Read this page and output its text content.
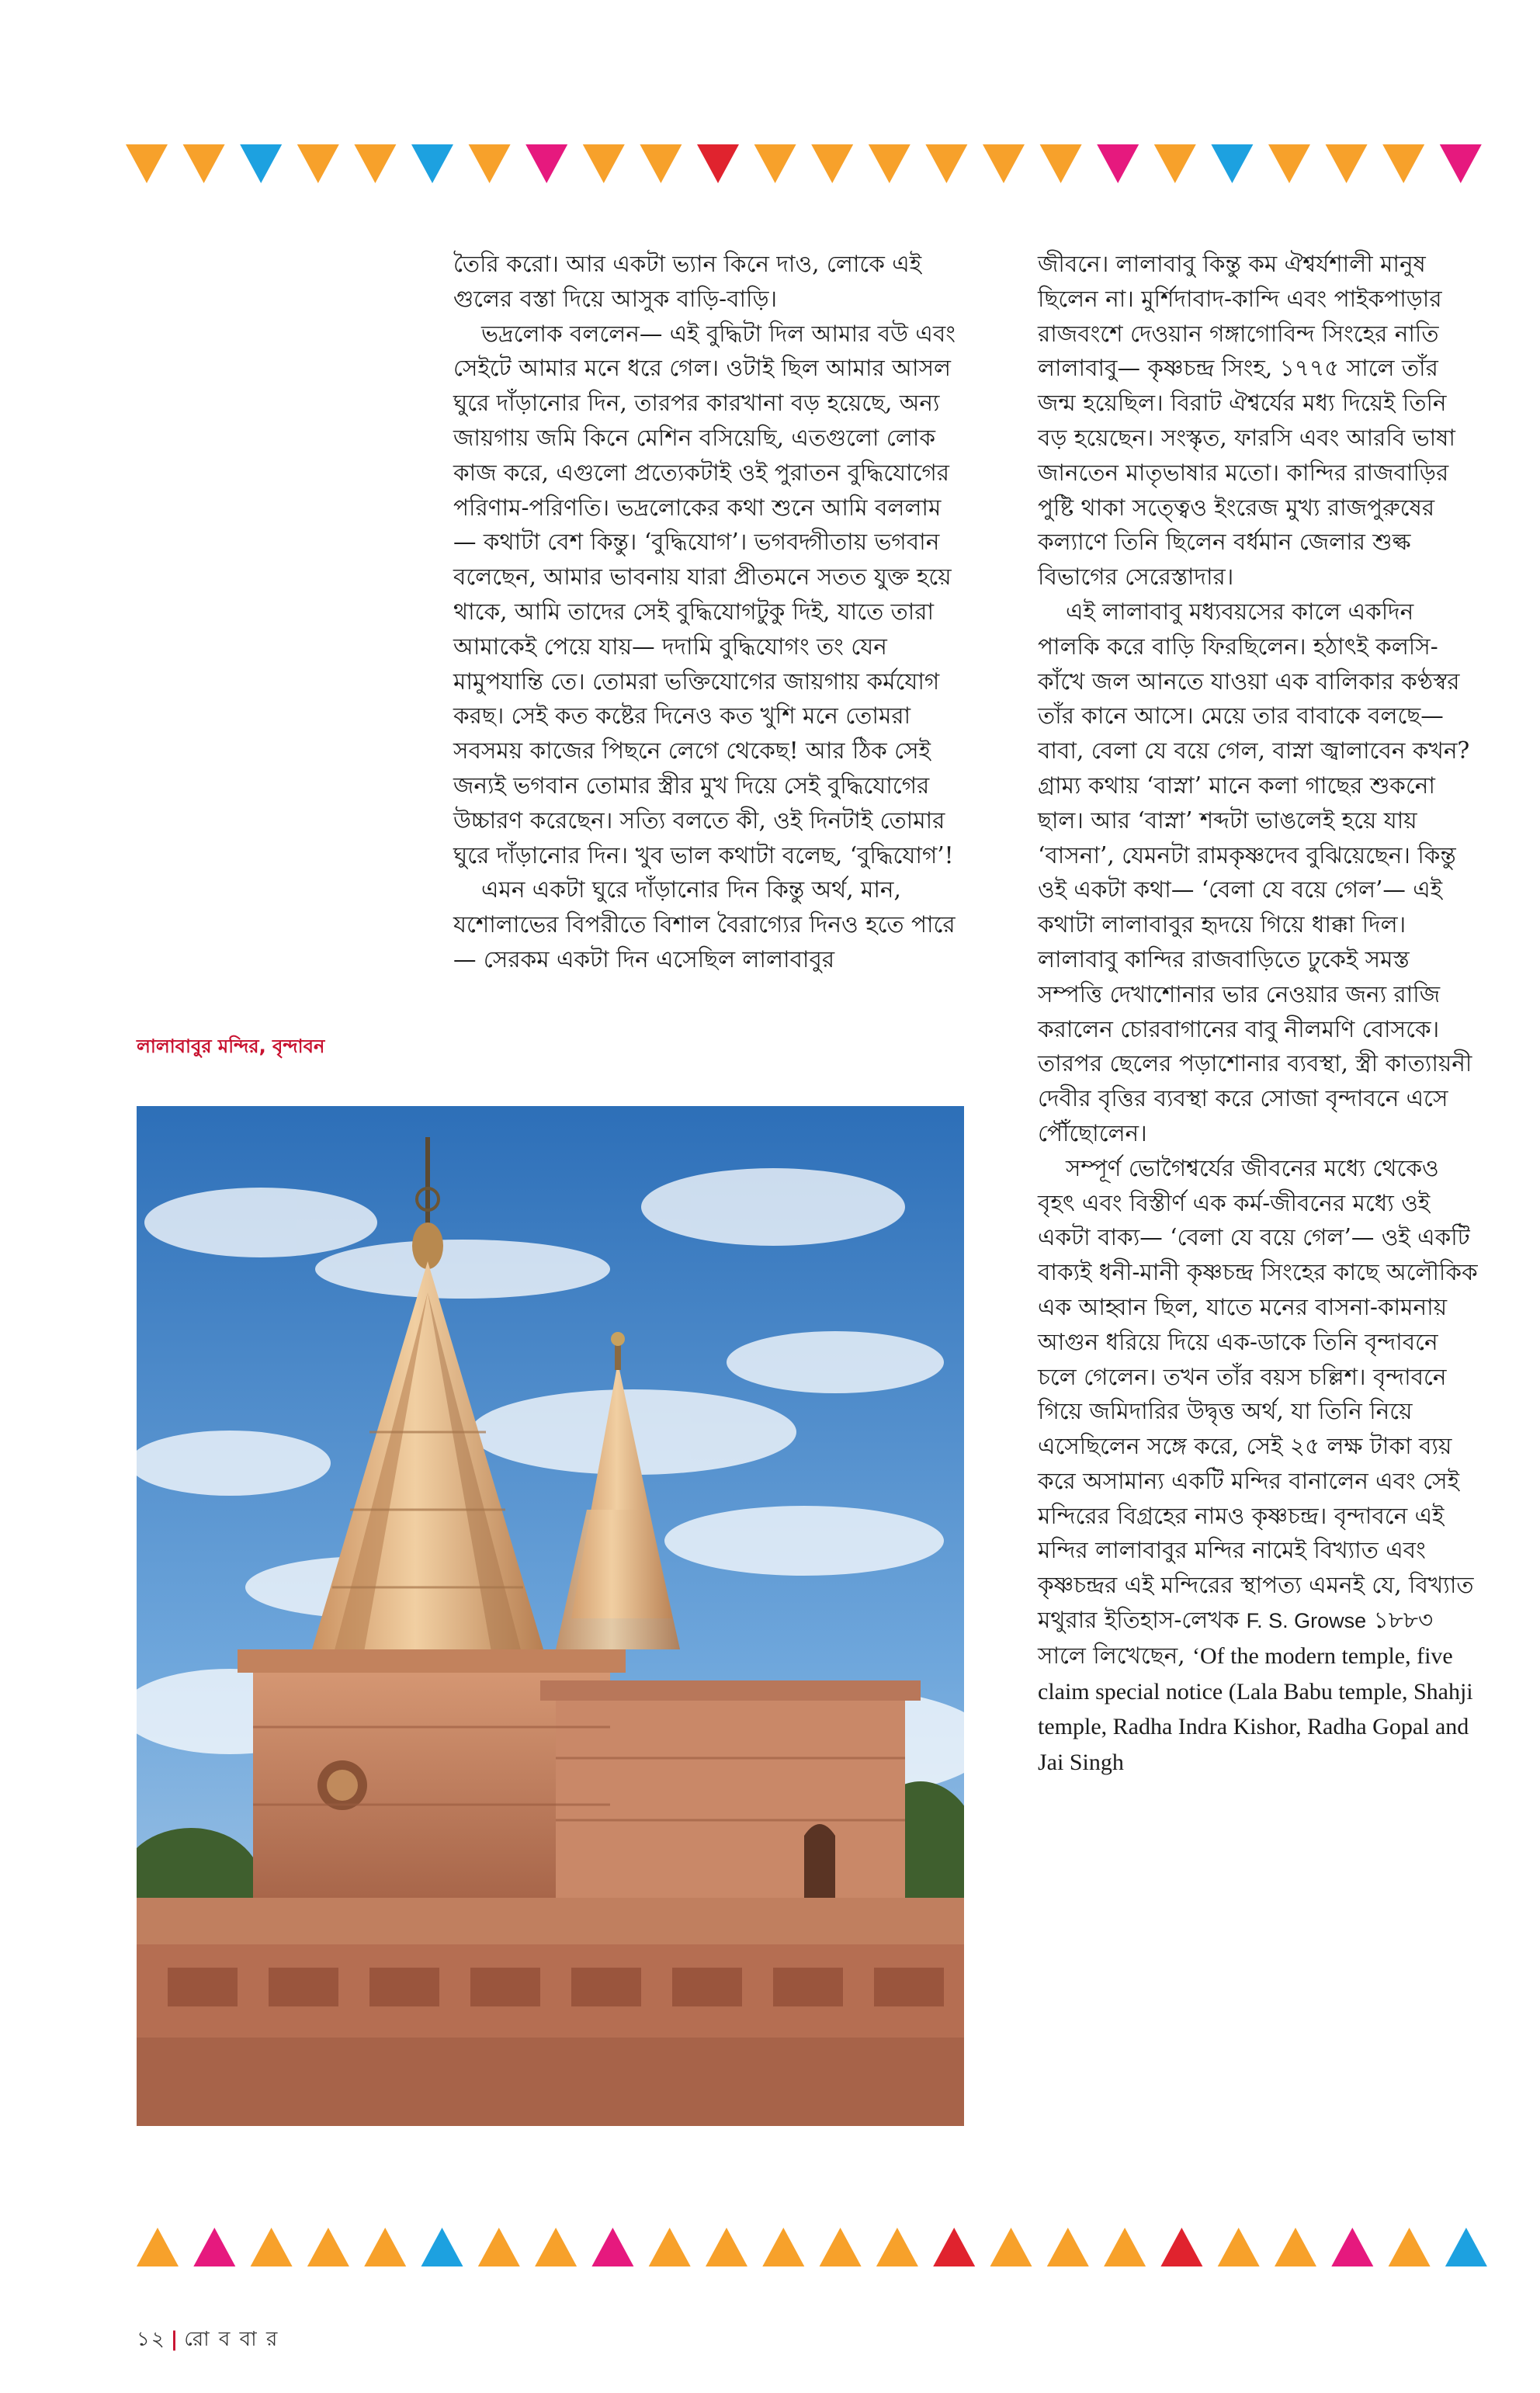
তৈরি করো। আর একটা ভ্যান কিনে দাও, লোকে এই গুলের বস্তা দিয়ে আসুক বাড়ি-বাড়ি।

ভদ্রলোক বললেন— এই বুদ্ধিটা দিল আমার বউ এবং সেইটে আমার মনে ধরে গেল। ওটাই ছিল আমার আসল ঘুরে দাঁড়ানোর দিন, তারপর কারখানা বড় হয়েছে, অন্য জায়গায় জমি কিনে মেশিন বসিয়েছি, এতগুলো লোক কাজ করে, এগুলো প্রত্যেকটাই ওই পুরাতন বুদ্ধিযোগের পরিণাম-পরিণতি। ভদ্রলোকের কথা শুনে আমি বললাম— কথাটা বেশ কিন্তু। ‘বুদ্ধিযোগ’। ভগবদ্গীতায় ভগবান বলেছেন, আমার ভাবনায় যারা প্রীতমনে সতত যুক্ত হয়ে থাকে, আমি তাদের সেই বুদ্ধিযোগটুকু দিই, যাতে তারা আমাকেই পেয়ে যায়— দদামি বুদ্ধিযোগং তং যেন মামুপযান্তি তে। তোমরা ভক্তিযোগের জায়গায় কর্মযোগ করছ। সেই কত কষ্টের দিনেও কত খুশি মনে তোমরা সবসময় কাজের পিছনে লেগে থেকেছ! আর ঠিক সেই জন্যই ভগবান তোমার স্ত্রীর মুখ দিয়ে সেই বুদ্ধিযোগের উচ্চারণ করেছেন। সত্যি বলতে কী, ওই দিনটাই তোমার ঘুরে দাঁড়ানোর দিন। খুব ভাল কথাটা বলেছ, ‘বুদ্ধিযোগ’!

এমন একটা ঘুরে দাঁড়ানোর দিন কিন্তু অর্থ, মান, যশোলাভের বিপরীতে বিশাল বৈরাগ্যের দিনও হতে পারে— সেরকম একটা দিন এসেছিল লালাবাবুর

লালাবাবুর মন্দির, বৃন্দাবন

জীবনে। লালাবাবু কিন্তু কম ঐশ্বর্যশালী মানুষ ছিলেন না। মুর্শিদাবাদ-কান্দি এবং পাইকপাড়ার রাজবংশে দেওয়ান গঙ্গাগোবিন্দ সিংহের নাতি লালাবাবু— কৃষ্ণচন্দ্র সিংহ, ১৭৭৫ সালে তাঁর জন্ম হয়েছিল। বিরাট ঐশ্বর্যের মধ্য দিয়েই তিনি বড় হয়েছেন। সংস্কৃত, ফারসি এবং আরবি ভাষা জানতেন মাতৃভাষার মতো। কান্দির রাজবাড়ির পুষ্টি থাকা সত্ত্বেও ইংরেজ মুখ্য রাজপুরুষের কল্যাণে তিনি ছিলেন বর্ধমান জেলার শুল্ক বিভাগের সেরেস্তাদার।

এই লালাবাবু মধ্যবয়সের কালে একদিন পালকি করে বাড়ি ফিরছিলেন। হঠাৎই কলসি-কাঁখে জল আনতে যাওয়া এক বালিকার কণ্ঠস্বর তাঁর কানে আসে। মেয়ে তার বাবাকে বলছে— বাবা, বেলা যে বয়ে গেল, বাস্না জ্বালাবেন কখন? গ্রাম্য কথায় ‘বাস্না’ মানে কলা গাছের শুকনো ছাল। আর ‘বাস্না’ শব্দটা ভাঙলেই হয়ে যায় ‘বাসনা’, যেমনটা রামকৃষ্ণদেব বুঝিয়েছেন। কিন্তু ওই একটা কথা— ‘বেলা যে বয়ে গেল’— এই কথাটা লালাবাবুর হৃদয়ে গিয়ে ধাক্কা দিল। লালাবাবু কান্দির রাজবাড়িতে ঢুকেই সমস্ত সম্পত্তি দেখাশোনার ভার নেওয়ার জন্য রাজি করালেন চোরবাগানের বাবু নীলমণি বোসকে। তারপর ছেলের পড়াশোনার ব্যবস্থা, স্ত্রী কাত্যায়নী দেবীর বৃত্তির ব্যবস্থা করে সোজা বৃন্দাবনে এসে পৌঁছোলেন।

সম্পূর্ণ ভোগৈশ্বর্যের জীবনের মধ্যে থেকেও বৃহৎ এবং বিস্তীর্ণ এক কর্ম-জীবনের মধ্যে ওই একটা বাক্য— ‘বেলা যে বয়ে গেল’— ওই একটি বাক্যই ধনী-মানী কৃষ্ণচন্দ্র সিংহের কাছে অলৌকিক এক আহ্বান ছিল, যাতে মনের বাসনা-কামনায় আগুন ধরিয়ে দিয়ে এক-ডাকে তিনি বৃন্দাবনে চলে গেলেন। তখন তাঁর বয়স চল্লিশ। বৃন্দাবনে গিয়ে জমিদারির উদ্বৃত্ত অর্থ, যা তিনি নিয়ে এসেছিলেন সঙ্গে করে, সেই ২৫ লক্ষ টাকা ব্যয় করে অসামান্য একটি মন্দির বানালেন এবং সেই মন্দিরের বিগ্রহের নামও কৃষ্ণচন্দ্র। বৃন্দাবনে এই মন্দির লালাবাবুর মন্দির নামেই বিখ্যাত এবং কৃষ্ণচন্দ্রর এই মন্দিরের স্থাপত্য এমনই যে, বিখ্যাত মথুরার ইতিহাস-লেখক F. S. Growse ১৮৮৩ সালে লিখেছেন, ‘Of the modern temple, five claim special notice (Lala Babu temple, Shahji temple, Radha Indra Kishor, Radha Gopal and Jai Singh

১২ | রো ব বা র
